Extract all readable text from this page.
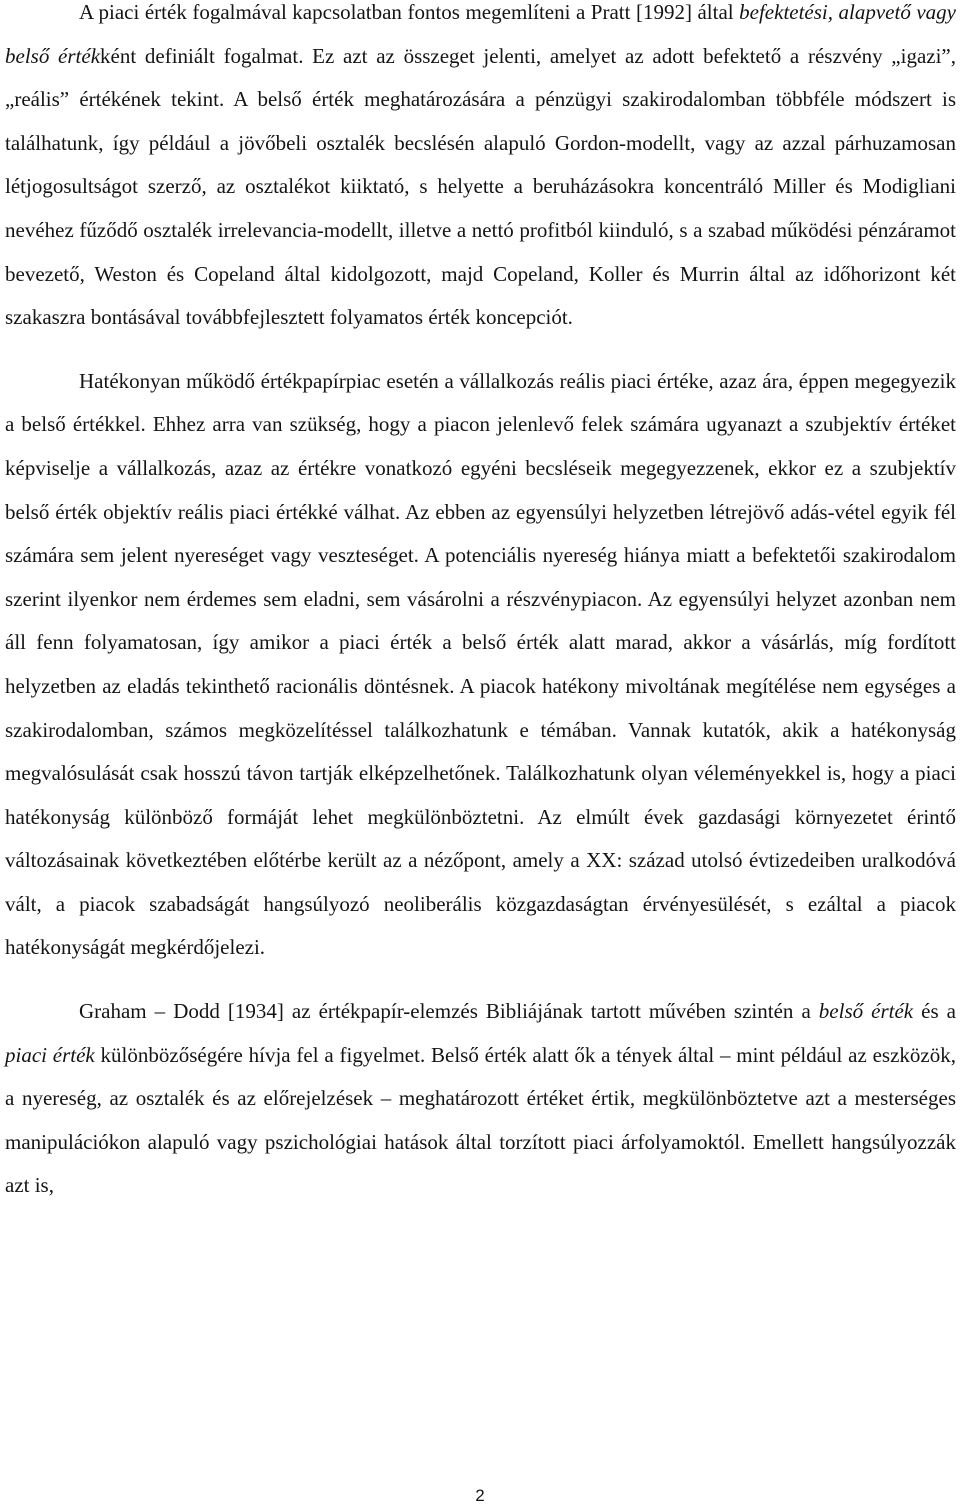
A piaci érték fogalmával kapcsolatban fontos megemlíteni a Pratt [1992] által befektetési, alapvető vagy belső értékként definiált fogalmat. Ez azt az összeget jelenti, amelyet az adott befektető a részvény „igazi”, „reális” értékének tekint. A belső érték meghatározására a pénzügyi szakirodalomban többféle módszert is találhatunk, így például a jövőbeli osztalék becslésén alapuló Gordon-modellt, vagy az azzal párhuzamosan létjogosultságot szerző, az osztalékot kiiktató, s helyette a beruházásokra koncentráló Miller és Modigliani nevéhez fűződő osztalék irrelevancia-modellt, illetve a nettó profitból kiinduló, s a szabad működési pénzáramot bevezető, Weston és Copeland által kidolgozott, majd Copeland, Koller és Murrin által az időhorizont két szakaszra bontásával továbbfejlesztett folyamatos érték koncepciót.

Hatékonyan működő értékpapírpiac esetén a vállalkozás reális piaci értéke, azaz ára, éppen megegyezik a belső értékkel. Ehhez arra van szükség, hogy a piacon jelenlevő felek számára ugyanazt a szubjektív értéket képviselje a vállalkozás, azaz az értékre vonatkozó egyéni becsléseik megegyezzenek, ekkor ez a szubjektív belső érték objektív reális piaci értékké válhat. Az ebben az egyensúlyi helyzetben létrejövő adás-vétel egyik fél számára sem jelent nyereséget vagy veszteséget. A potenciális nyereség hiánya miatt a befektetői szakirodalom szerint ilyenkor nem érdemes sem eladni, sem vásárolni a részvénypiacon. Az egyensúlyi helyzet azonban nem áll fenn folyamatosan, így amikor a piaci érték a belső érték alatt marad, akkor a vásárlás, míg fordított helyzetben az eladás tekinthető racionális döntésnek. A piacok hatékony mivoltának megítélése nem egységes a szakirodalomban, számos megközelítéssel találkozhatunk e témában. Vannak kutatók, akik a hatékonyság megvalósulását csak hosszú távon tartják elképzelhetőnek. Találkozhatunk olyan véleményekkel is, hogy a piaci hatékonyság különböző formáját lehet megkülönböztetni. Az elmúlt évek gazdasági környezetet érintő változásainak következtében előtérbe került az a nézőpont, amely a XX: század utolsó évtizedeiben uralkodóvá vált, a piacok szabadságát hangsúlyozó neoliberális közgazdaságtan érvényesülését, s ezáltal a piacok hatékonyságát megkérdőjelezi.

Graham – Dodd [1934] az értékpapír-elemzés Bibliájának tartott művében szintén a belső érték és a piaci érték különbözőségére hívja fel a figyelmet. Belső érték alatt ők a tények által – mint például az eszközök, a nyereség, az osztalék és az előrejelzések – meghatározott értéket értik, megkülönböztetve azt a mesterséges manipulációkon alapuló vagy pszichológiai hatások által torzított piaci árfolyamoktól. Emellett hangsúlyozzák azt is,

2
